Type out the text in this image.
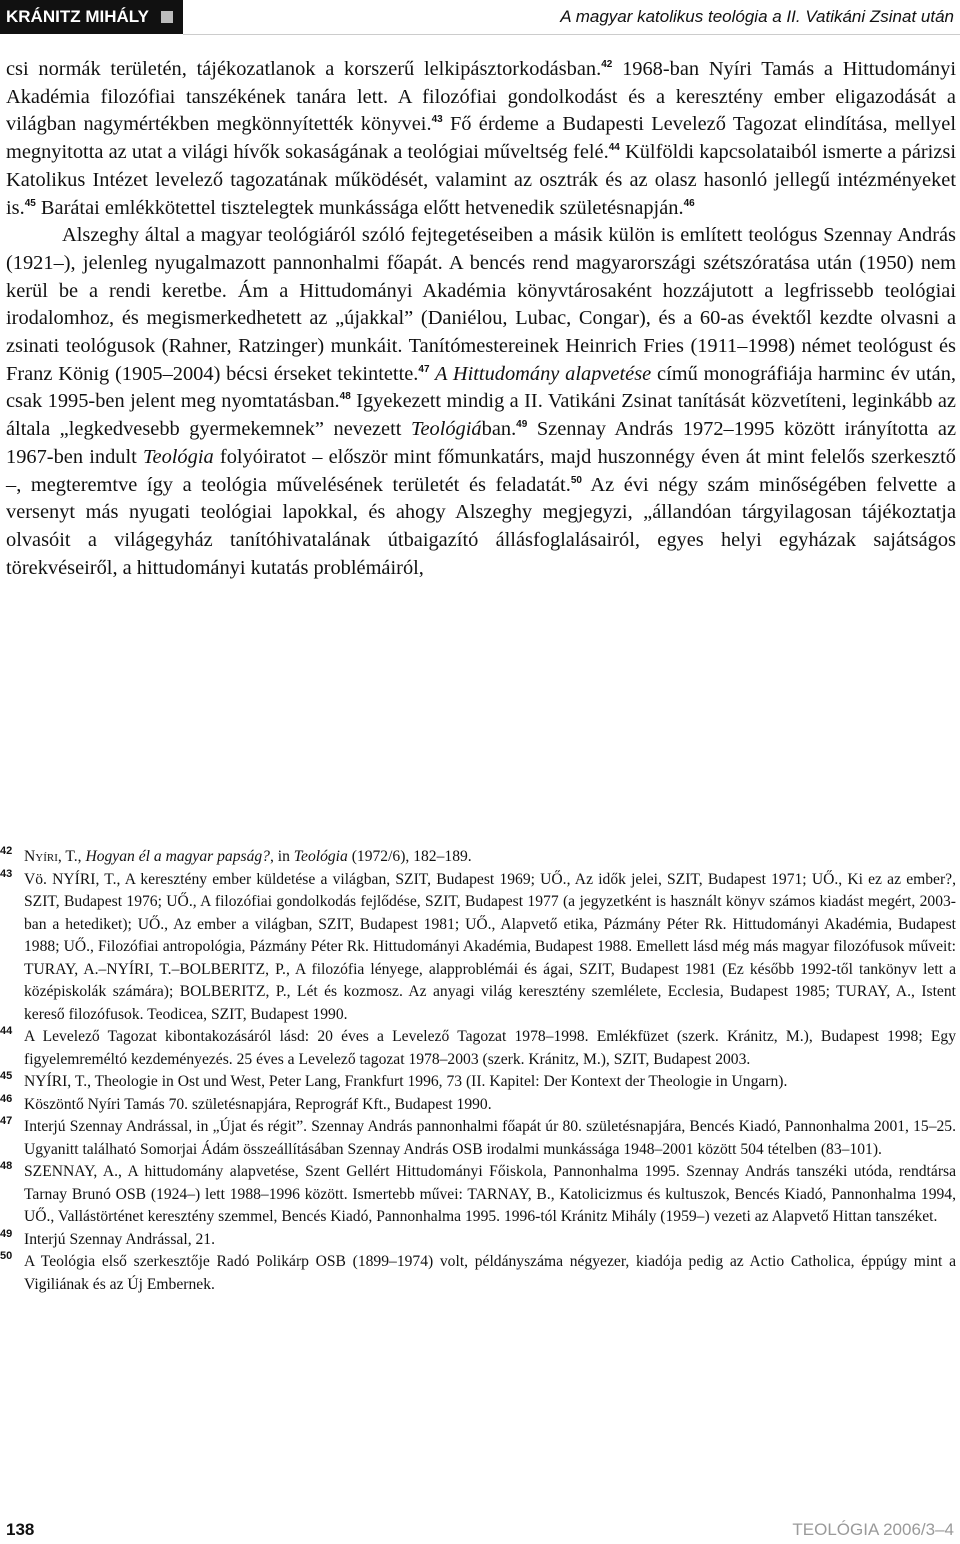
KRÁNITZ MIHÁLY	A magyar katolikus teológia a II. Vatikáni Zsinat után

csi normák területén, tájékozatlanok a korszerű lelkipásztorkodásban.$^{42}$ 1968-ban Nyíri Tamás a Hittudományi Akadémia filozófiai tanszékének tanára lett. A filozófiai gondolkodást és a keresztény ember eligazodását a világban nagymértékben megkönnyítették könyvei.$^{43}$ Fő érdeme a Budapesti Levelező Tagozat elindítása, mellyel megnyitotta az utat a világi hívők sokaságának a teológiai műveltség felé.$^{44}$ Külföldi kapcsolataiból ismerte a párizsi Katolikus Intézet levelező tagozatának működését, valamint az osztrák és az olasz hasonló jellegű intézményeket is.$^{45}$ Barátai emlékkötettel tisztelegtek munkássága előtt hetvenedik születésnapján.$^{46}$

Alszeghy által a magyar teológiáról szóló fejtegetéseiben a másik külön is említett teológus Szennay András (1921–), jelenleg nyugalmazott pannonhalmi főapát. A bencés rend magyarországi szétszóratása után (1950) nem kerül be a rendi keretbe. Ám a Hittudományi Akadémia könyvtárosaként hozzájutott a legfrissebb teológiai irodalomhoz, és megismerkedhetett az „újakkal” (Daniélou, Lubac, Congar), és a 60-as évektől kezdte olvasni a zsinati teológusok (Rahner, Ratzinger) munkáit. Tanítómestereinek Heinrich Fries (1911–1998) német teológust és Franz König (1905–2004) bécsi érseket tekintette.$^{47}$ A Hittudomány alapvetése című monográfiája harminc év után, csak 1995-ben jelent meg nyomtatásban.$^{48}$ Igyekezett mindig a II. Vatikáni Zsinat tanítását közvetíteni, leginkább az általa „legkedvesebb gyermekemnek” nevezett Teológiában.$^{49}$ Szennay András 1972–1995 között irányította az 1967-ben indult Teológia folyóiratot – először mint főmunkatárs, majd huszonnégy éven át mint felelős szerkesztő –, megteremtve így a teológia művelésének területét és feladatát.$^{50}$ Az évi négy szám minőségében felvette a versenyt más nyugati teológiai lapokkal, és ahogy Alszeghy megjegyzi, „állandóan tárgyilagosan tájékoztatja olvasóit a világegyház tanítóhivatalának útbaigazító állásfoglalásairól, egyes helyi egyházak sajátságos törekvéseiről, a hittudományi kutatás problémáiról,

42 Nyíri, T., Hogyan él a magyar papság?, in Teológia (1972/6), 182–189.

43 Vö. NYÍRI, T., A keresztény ember küldetése a világban, SZIT, Budapest 1969; UŐ., Az idők jelei, SZIT, Budapest 1971; UŐ., Ki ez az ember?, SZIT, Budapest 1976; UŐ., A filozófiai gondolkodás fejlődése, SZIT, Budapest 1977 (a jegyzetként is használt könyv számos kiadást megért, 2003-ban a hetediket); UŐ., Az ember a világban, SZIT, Budapest 1981; UŐ., Alapvető etika, Pázmány Péter Rk. Hittudományi Akadémia, Budapest 1988; UŐ., Filozófiai antropológia, Pázmány Péter Rk. Hittudományi Akadémia, Budapest 1988. Emellett lásd még más magyar filozófusok műveit: TURAY, A.–NYÍRI, T.–BOLBERITZ, P., A filozófia lényege, alapproblémái és ágai, SZIT, Budapest 1981 (Ez később 1992-től tankönyv lett a középiskolák számára); BOLBERITZ, P., Lét és kozmosz. Az anyagi világ keresztény szemlélete, Ecclesia, Budapest 1985; TURAY, A., Istent kereső filozófusok. Teodicea, SZIT, Budapest 1990.

44 A Levelező Tagozat kibontakozásáról lásd: 20 éves a Levelező Tagozat 1978–1998. Emlékfüzet (szerk. Kránitz, M.), Budapest 1998; Egy figyelemreméltó kezdeményezés. 25 éves a Levelező tagozat 1978–2003 (szerk. Kránitz, M.), SZIT, Budapest 2003.

45 NYÍRI, T., Theologie in Ost und West, Peter Lang, Frankfurt 1996, 73 (II. Kapitel: Der Kontext der Theologie in Ungarn).

46 Köszöntő Nyíri Tamás 70. születésnapjára, Reprográf Kft., Budapest 1990.

47 Interjú Szennay Andrással, in „Újat és régit”. Szennay András pannonhalmi főapát úr 80. születésnapjára, Bencés Kiadó, Pannonhalma 2001, 15–25. Ugyanitt található Somorjai Ádám összeállításában Szennay András OSB irodalmi munkássága 1948–2001 között 504 tételben (83–101).

48 SZENNAY, A., A hittudomány alapvetése, Szent Gellért Hittudományi Főiskola, Pannonhalma 1995. Szennay András tanszéki utóda, rendtársa Tarnay Brunó OSB (1924–) lett 1988–1996 között. Ismertebb művei: TARNAY, B., Katolicizmus és kultuszok, Bencés Kiadó, Pannonhalma 1994, UŐ., Vallástörténet keresztény szemmel, Bencés Kiadó, Pannonhalma 1995. 1996-tól Kránitz Mihály (1959–) vezeti az Alapvető Hittan tanszéket.

49 Interjú Szennay Andrással, 21.

50 A Teológia első szerkesztője Radó Polikárp OSB (1899–1974) volt, példányszáma négyezer, kiadója pedig az Actio Catholica, éppúgy mint a Vigiliának és az Új Embernek.

138	TEOLÓGIA 2006/3–4
